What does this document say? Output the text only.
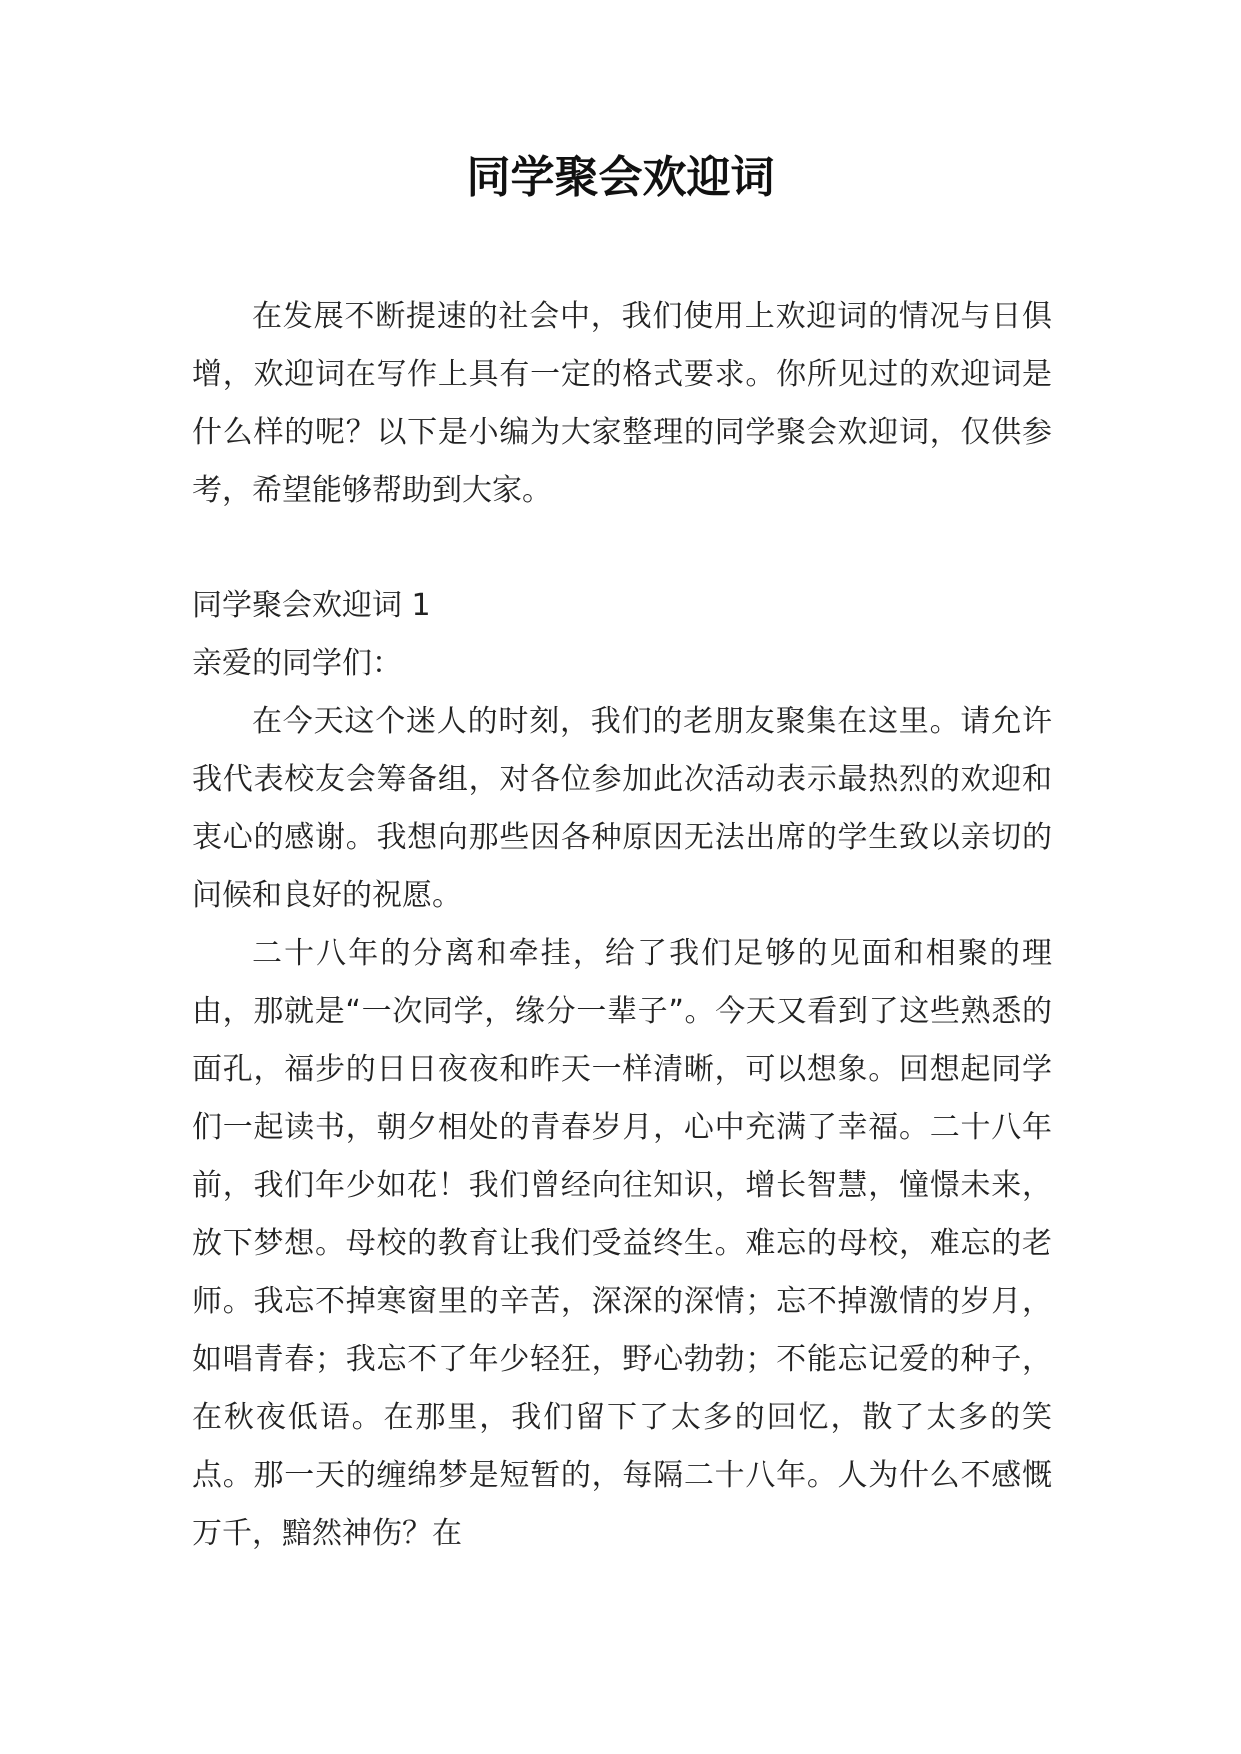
同学聚会欢迎词

在发展不断提速的社会中，我们使用上欢迎词的情况与日俱增，欢迎词在写作上具有一定的格式要求。你所见过的欢迎词是什么样的呢？以下是小编为大家整理的同学聚会欢迎词，仅供参考，希望能够帮助到大家。

同学聚会欢迎词 1

亲爱的同学们：

在今天这个迷人的时刻，我们的老朋友聚集在这里。请允许我代表校友会筹备组，对各位参加此次活动表示最热烈的欢迎和衷心的感谢。我想向那些因各种原因无法出席的学生致以亲切的问候和良好的祝愿。

二十八年的分离和牵挂，给了我们足够的见面和相聚的理由，那就是“一次同学，缘分一辈子”。今天又看到了这些熟悉的面孔，福步的日日夜夜和昨天一样清晰，可以想象。回想起同学们一起读书，朝夕相处的青春岁月，心中充满了幸福。二十八年前，我们年少如花！我们曾经向往知识，增长智慧，憧憬未来，放下梦想。母校的教育让我们受益终生。难忘的母校，难忘的老师。我忘不掉寒窗里的辛苦，深深的深情；忘不掉激情的岁月，如唱青春；我忘不了年少轻狂，野心勃勃；不能忘记爱的种子，在秋夜低语。在那里，我们留下了太多的回忆，散了太多的笑点。那一天的缠绵梦是短暂的，每隔二十八年。人为什么不感慨万千，黯然神伤？在
